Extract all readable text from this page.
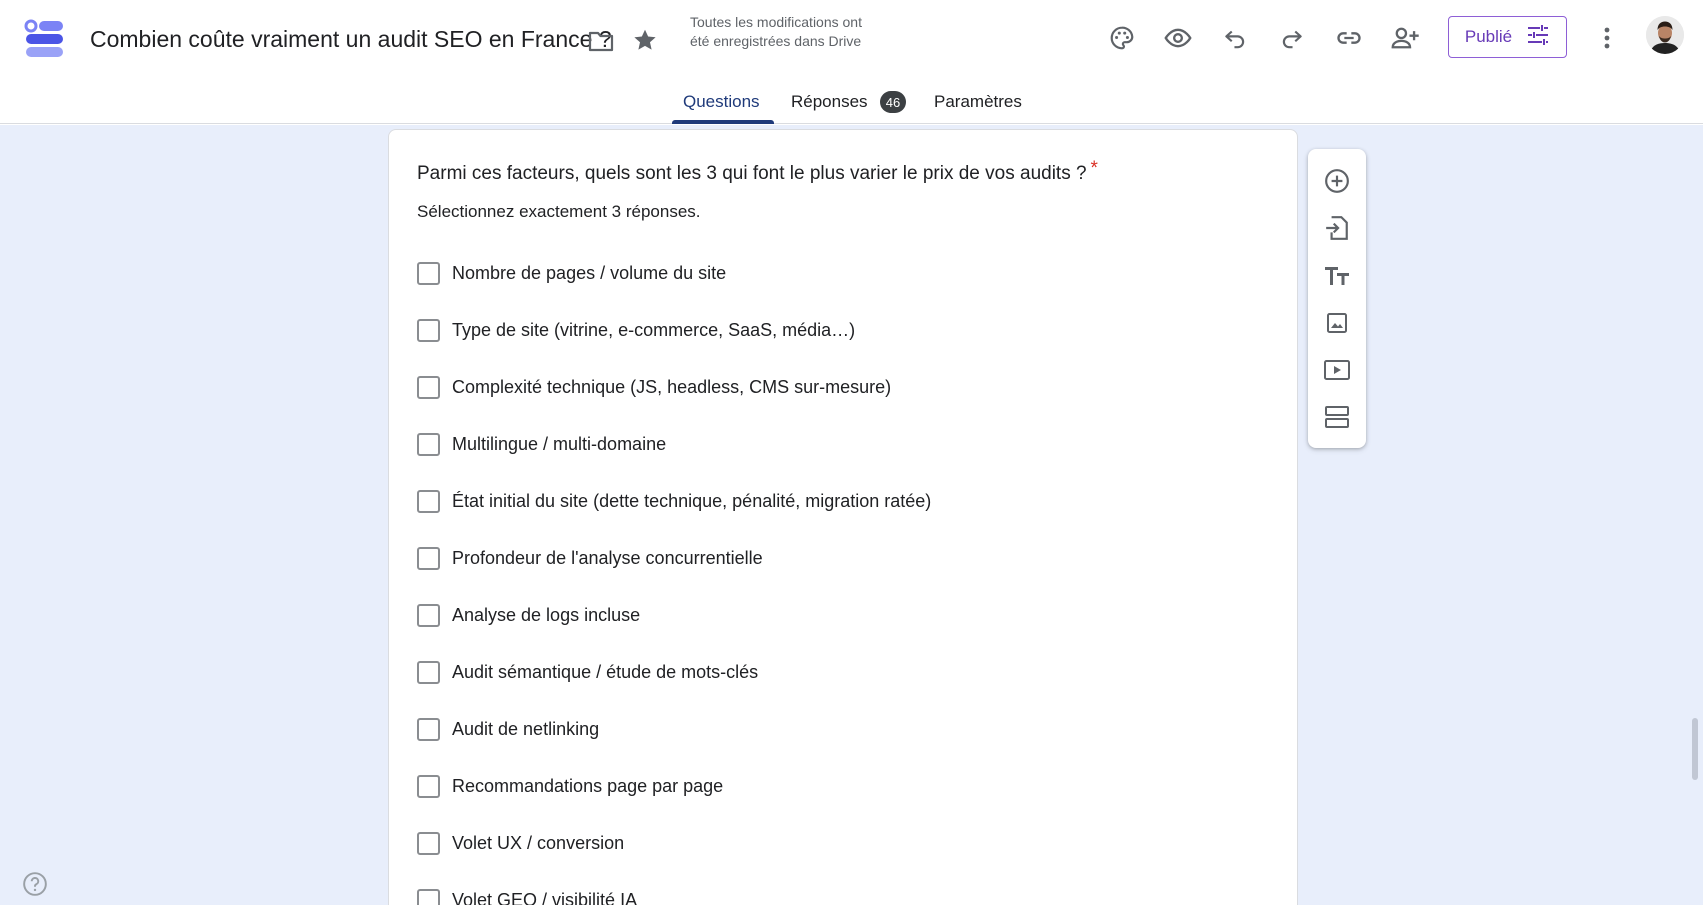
Combien coûte vraiment un audit SEO en France ?
Toutes les modifications ont été enregistrées dans Drive	Publié
Questions Réponses	46	Paramètres
Parmi ces facteurs, quels sont les 3 qui font le plus varier le prix de vos audits ? *
Sélectionnez exactement 3 réponses.
Nombre de pages / volume du site
Type de site (vitrine, e-commerce, SaaS, média…)
Complexité technique (JS, headless, CMS sur-mesure)
Multilingue / multi-domaine
État initial du site (dette technique, pénalité, migration ratée)
Profondeur de l'analyse concurrentielle
Analyse de logs incluse
Audit sémantique / étude de mots-clés
Audit de netlinking
Recommandations page par page
Volet UX / conversion
Volet GEO / visibilité IA
